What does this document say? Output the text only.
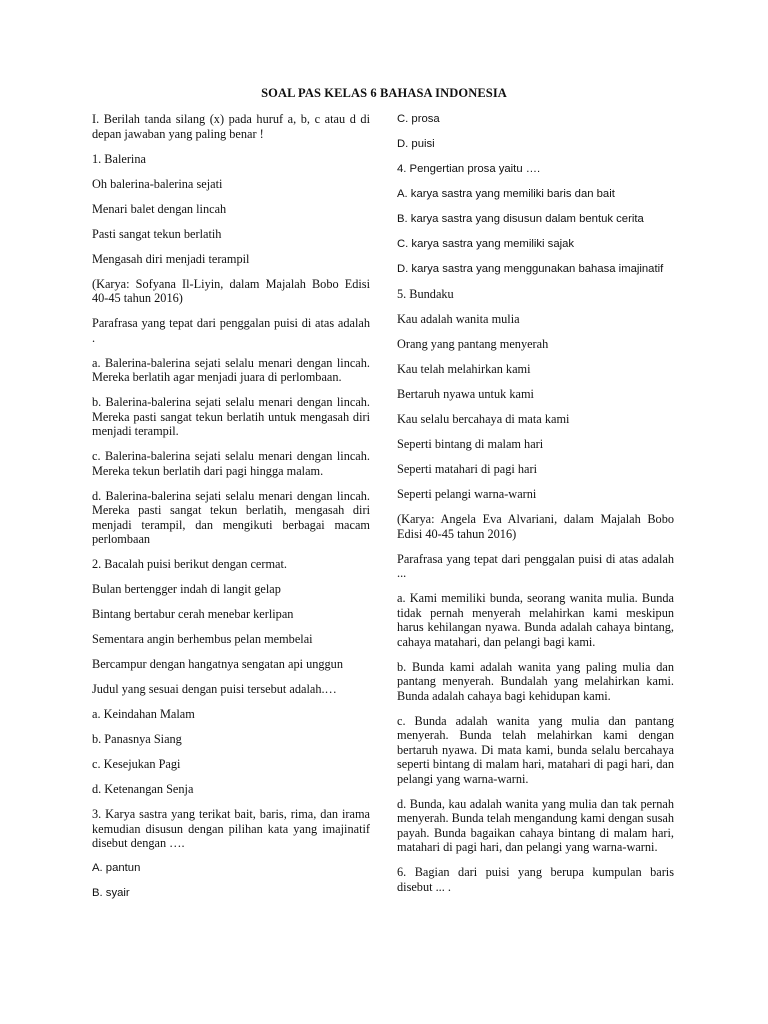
SOAL PAS KELAS 6 BAHASA INDONESIA

I. Berilah tanda silang (x) pada huruf a, b, c atau d di depan jawaban yang paling benar !

1. Balerina

Oh balerina-balerina sejati

Menari balet dengan lincah

Pasti sangat tekun berlatih

Mengasah diri menjadi terampil

(Karya: Sofyana Il-Liyin, dalam Majalah Bobo Edisi 40-45 tahun 2016)

Parafrasa yang tepat dari penggalan puisi di atas adalah .

a. Balerina-balerina sejati selalu menari dengan lincah. Mereka berlatih agar menjadi juara di perlombaan.

b. Balerina-balerina sejati selalu menari dengan lincah. Mereka pasti sangat tekun berlatih untuk mengasah diri menjadi terampil.

c. Balerina-balerina sejati selalu menari dengan lincah. Mereka tekun berlatih dari pagi hingga malam.

d. Balerina-balerina sejati selalu menari dengan lincah. Mereka pasti sangat tekun berlatih, mengasah diri menjadi terampil, dan mengikuti berbagai macam perlombaan

2. Bacalah puisi berikut dengan cermat.

Bulan bertengger indah di langit gelap

Bintang bertabur cerah menebar kerlipan

Sementara angin berhembus pelan membelai

Bercampur dengan hangatnya sengatan api unggun

Judul yang sesuai dengan puisi tersebut adalah.…

a. Keindahan Malam

b. Panasnya Siang

c. Kesejukan Pagi

d. Ketenangan Senja

3. Karya sastra yang terikat bait, baris, rima, dan irama kemudian disusun dengan pilihan kata yang imajinatif disebut dengan ….

A. pantun

B. syair

C. prosa

D. puisi

4. Pengertian prosa yaitu ….

A. karya sastra yang memiliki baris dan bait

B. karya sastra yang disusun dalam bentuk cerita

C. karya sastra yang memiliki sajak

D. karya sastra yang menggunakan bahasa imajinatif

5. Bundaku

Kau adalah wanita mulia

Orang yang pantang menyerah

Kau telah melahirkan kami

Bertaruh nyawa untuk kami

Kau selalu bercahaya di mata kami

Seperti bintang di malam hari

Seperti matahari di pagi hari

Seperti pelangi warna-warni

(Karya: Angela Eva Alvariani, dalam Majalah Bobo Edisi 40-45 tahun 2016)

Parafrasa yang tepat dari penggalan puisi di atas adalah ...

a. Kami memiliki bunda, seorang wanita mulia. Bunda tidak pernah menyerah melahirkan kami meskipun harus kehilangan nyawa. Bunda adalah cahaya bintang, cahaya matahari, dan pelangi bagi kami.

b. Bunda kami adalah wanita yang paling mulia dan pantang menyerah. Bundalah yang melahirkan kami. Bunda adalah cahaya bagi kehidupan kami.

c. Bunda adalah wanita yang mulia dan pantang menyerah. Bunda telah melahirkan kami dengan bertaruh nyawa. Di mata kami, bunda selalu bercahaya seperti bintang di malam hari, matahari di pagi hari, dan pelangi yang warna-warni.

d. Bunda, kau adalah wanita yang mulia dan tak pernah menyerah. Bunda telah mengandung kami dengan susah payah. Bunda bagaikan cahaya bintang di malam hari, matahari di pagi hari, dan pelangi yang warna-warni.

6. Bagian dari puisi yang berupa kumpulan baris disebut ... .
